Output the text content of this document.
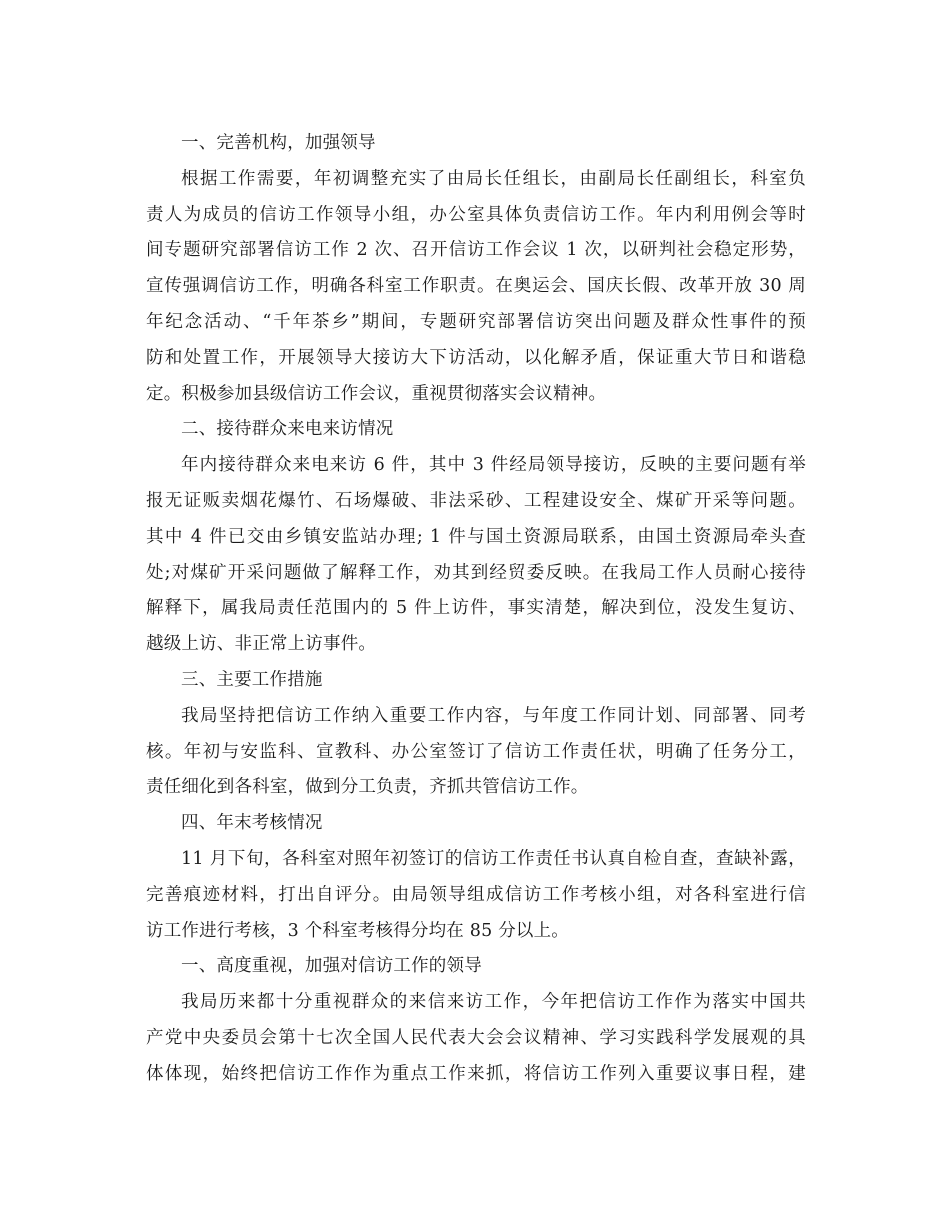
一、完善机构，加强领导
根据工作需要，年初调整充实了由局长任组长，由副局长任副组长，科室负
责人为成员的信访工作领导小组，办公室具体负责信访工作。年内利用例会等时
间专题研究部署信访工作 2 次、召开信访工作会议 1 次，以研判社会稳定形势，
宣传强调信访工作，明确各科室工作职责。在奥运会、国庆长假、改革开放 30 周
年纪念活动、“千年茶乡”期间，专题研究部署信访突出问题及群众性事件的预
防和处置工作，开展领导大接访大下访活动，以化解矛盾，保证重大节日和谐稳
定。积极参加县级信访工作会议，重视贯彻落实会议精神。
二、接待群众来电来访情况
年内接待群众来电来访 6 件，其中 3 件经局领导接访，反映的主要问题有举
报无证贩卖烟花爆竹、石场爆破、非法采砂、工程建设安全、煤矿开采等问题。
其中 4 件已交由乡镇安监站办理; 1 件与国土资源局联系，由国土资源局牵头查
处;对煤矿开采问题做了解释工作，劝其到经贸委反映。在我局工作人员耐心接待
解释下，属我局责任范围内的 5 件上访件，事实清楚，解决到位，没发生复访、
越级上访、非正常上访事件。
三、主要工作措施
我局坚持把信访工作纳入重要工作内容，与年度工作同计划、同部署、同考
核。年初与安监科、宣教科、办公室签订了信访工作责任状，明确了任务分工，
责任细化到各科室，做到分工负责，齐抓共管信访工作。
四、年末考核情况
11 月下旬，各科室对照年初签订的信访工作责任书认真自检自查，查缺补露，
完善痕迹材料，打出自评分。由局领导组成信访工作考核小组，对各科室进行信
访工作进行考核，3 个科室考核得分均在 85 分以上。
一、高度重视，加强对信访工作的领导
我局历来都十分重视群众的来信来访工作，今年把信访工作作为落实中国共
产党中央委员会第十七次全国人民代表大会会议精神、学习实践科学发展观的具
体体现，始终把信访工作作为重点工作来抓，将信访工作列入重要议事日程，建
